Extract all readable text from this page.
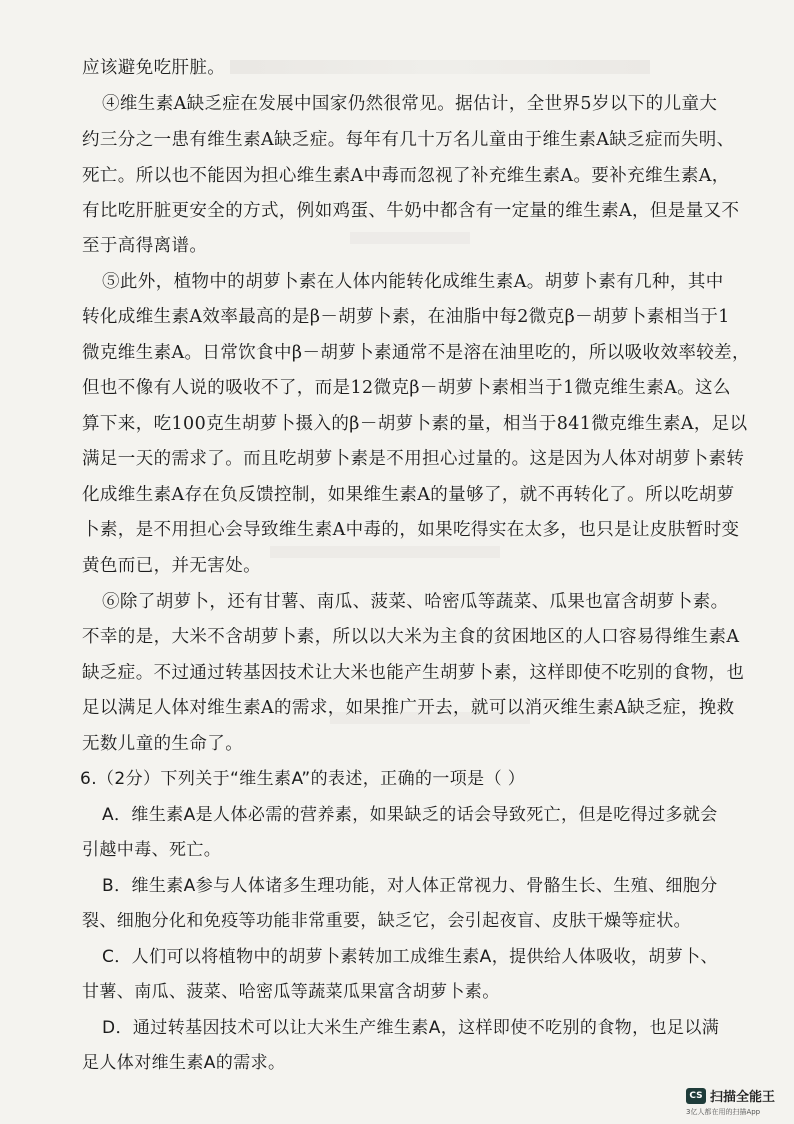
应该避免吃肝脏。
④维生素A缺乏症在发展中国家仍然很常见。据估计，全世界5岁以下的儿童大
约三分之一患有维生素A缺乏症。每年有几十万名儿童由于维生素A缺乏症而失明、
死亡。所以也不能因为担心维生素A中毒而忽视了补充维生素A。要补充维生素A，
有比吃肝脏更安全的方式，例如鸡蛋、牛奶中都含有一定量的维生素A，但是量又不
至于高得离谱。
⑤此外，植物中的胡萝卜素在人体内能转化成维生素A。胡萝卜素有几种，其中
转化成维生素A效率最高的是β－胡萝卜素，在油脂中每2微克β－胡萝卜素相当于1
微克维生素A。日常饮食中β－胡萝卜素通常不是溶在油里吃的，所以吸收效率较差，
但也不像有人说的吸收不了，而是12微克β－胡萝卜素相当于1微克维生素A。这么
算下来，吃100克生胡萝卜摄入的β－胡萝卜素的量，相当于841微克维生素A，足以
满足一天的需求了。而且吃胡萝卜素是不用担心过量的。这是因为人体对胡萝卜素转
化成维生素A存在负反馈控制，如果维生素A的量够了，就不再转化了。所以吃胡萝
卜素，是不用担心会导致维生素A中毒的，如果吃得实在太多，也只是让皮肤暂时变
黄色而已，并无害处。
⑥除了胡萝卜，还有甘薯、南瓜、菠菜、哈密瓜等蔬菜、瓜果也富含胡萝卜素。
不幸的是，大米不含胡萝卜素，所以以大米为主食的贫困地区的人口容易得维生素A
缺乏症。不过通过转基因技术让大米也能产生胡萝卜素，这样即使不吃别的食物，也
足以满足人体对维生素A的需求，如果推广开去，就可以消灭维生素A缺乏症，挽救
无数儿童的生命了。
6.（2分）下列关于“维生素A”的表述，正确的一项是（ ）
A．维生素A是人体必需的营养素，如果缺乏的话会导致死亡，但是吃得过多就会
引越中毒、死亡。
B．维生素A参与人体诸多生理功能，对人体正常视力、骨骼生长、生殖、细胞分
裂、细胞分化和免疫等功能非常重要，缺乏它，会引起夜盲、皮肤干燥等症状。
C．人们可以将植物中的胡萝卜素转加工成维生素A，提供给人体吸收，胡萝卜、
甘薯、南瓜、菠菜、哈密瓜等蔬菜瓜果富含胡萝卜素。
D．通过转基因技术可以让大米生产维生素A，这样即使不吃别的食物，也足以满
足人体对维生素A的需求。
CS 扫描全能王
3亿人都在用的扫描App
